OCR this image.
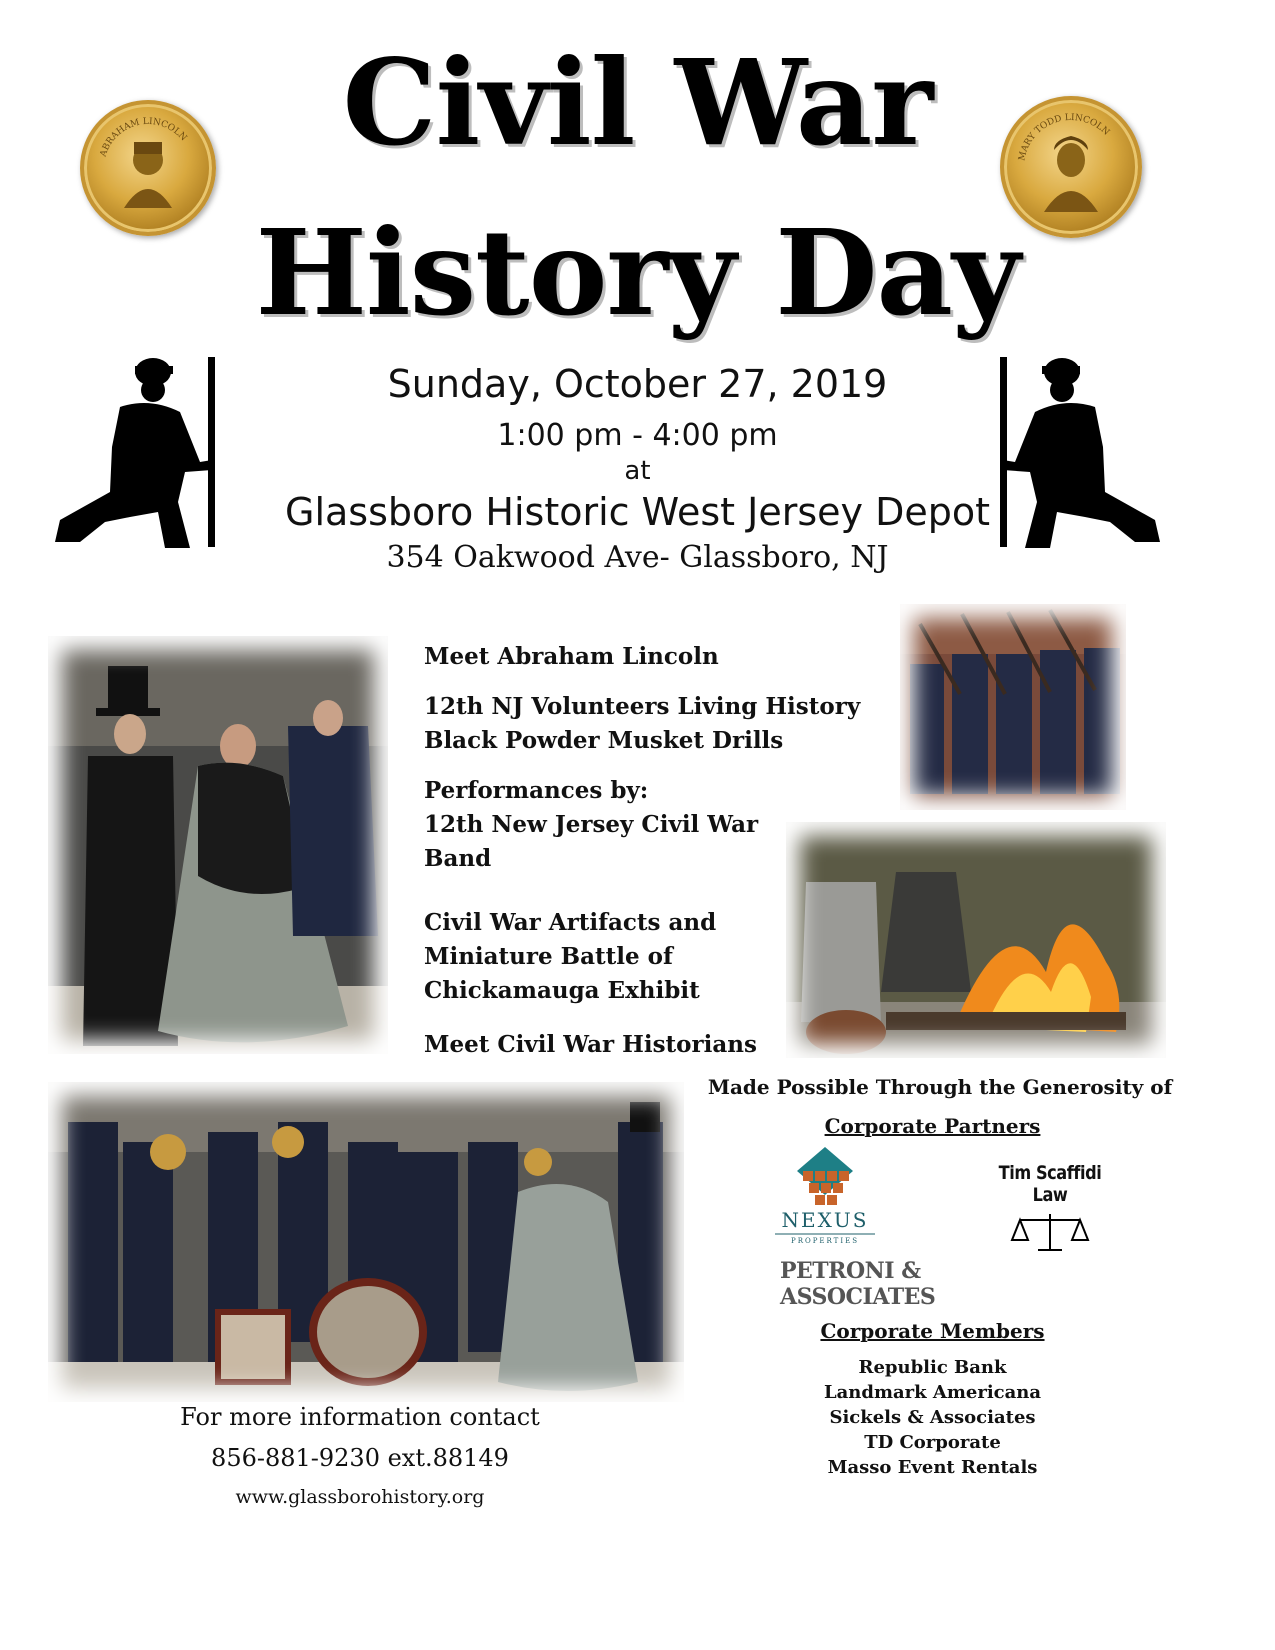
Civil War
History Day
ABRAHAM LINCOLN
MARY TODD LINCOLN
Sunday, October 27, 2019
1:00 pm - 4:00 pm
at
Glassboro Historic West Jersey Depot
354 Oakwood Ave- Glassboro, NJ
Meet Abraham Lincoln
12th NJ Volunteers Living History
Black Powder Musket Drills
Performances by:
12th New Jersey Civil War
Band
Civil War Artifacts and
Miniature Battle of
Chickamauga Exhibit
Meet Civil War Historians
Made Possible Through the Generosity of
Corporate Partners
NEXUS
PROPERTIES
Tim Scaffidi Law
PETRONI & ASSOCIATES
Corporate Members
Republic Bank
Landmark Americana
Sickels & Associates
TD Corporate
Masso Event Rentals
For more information contact
856-881-9230 ext.88149
www.glassborohistory.org
